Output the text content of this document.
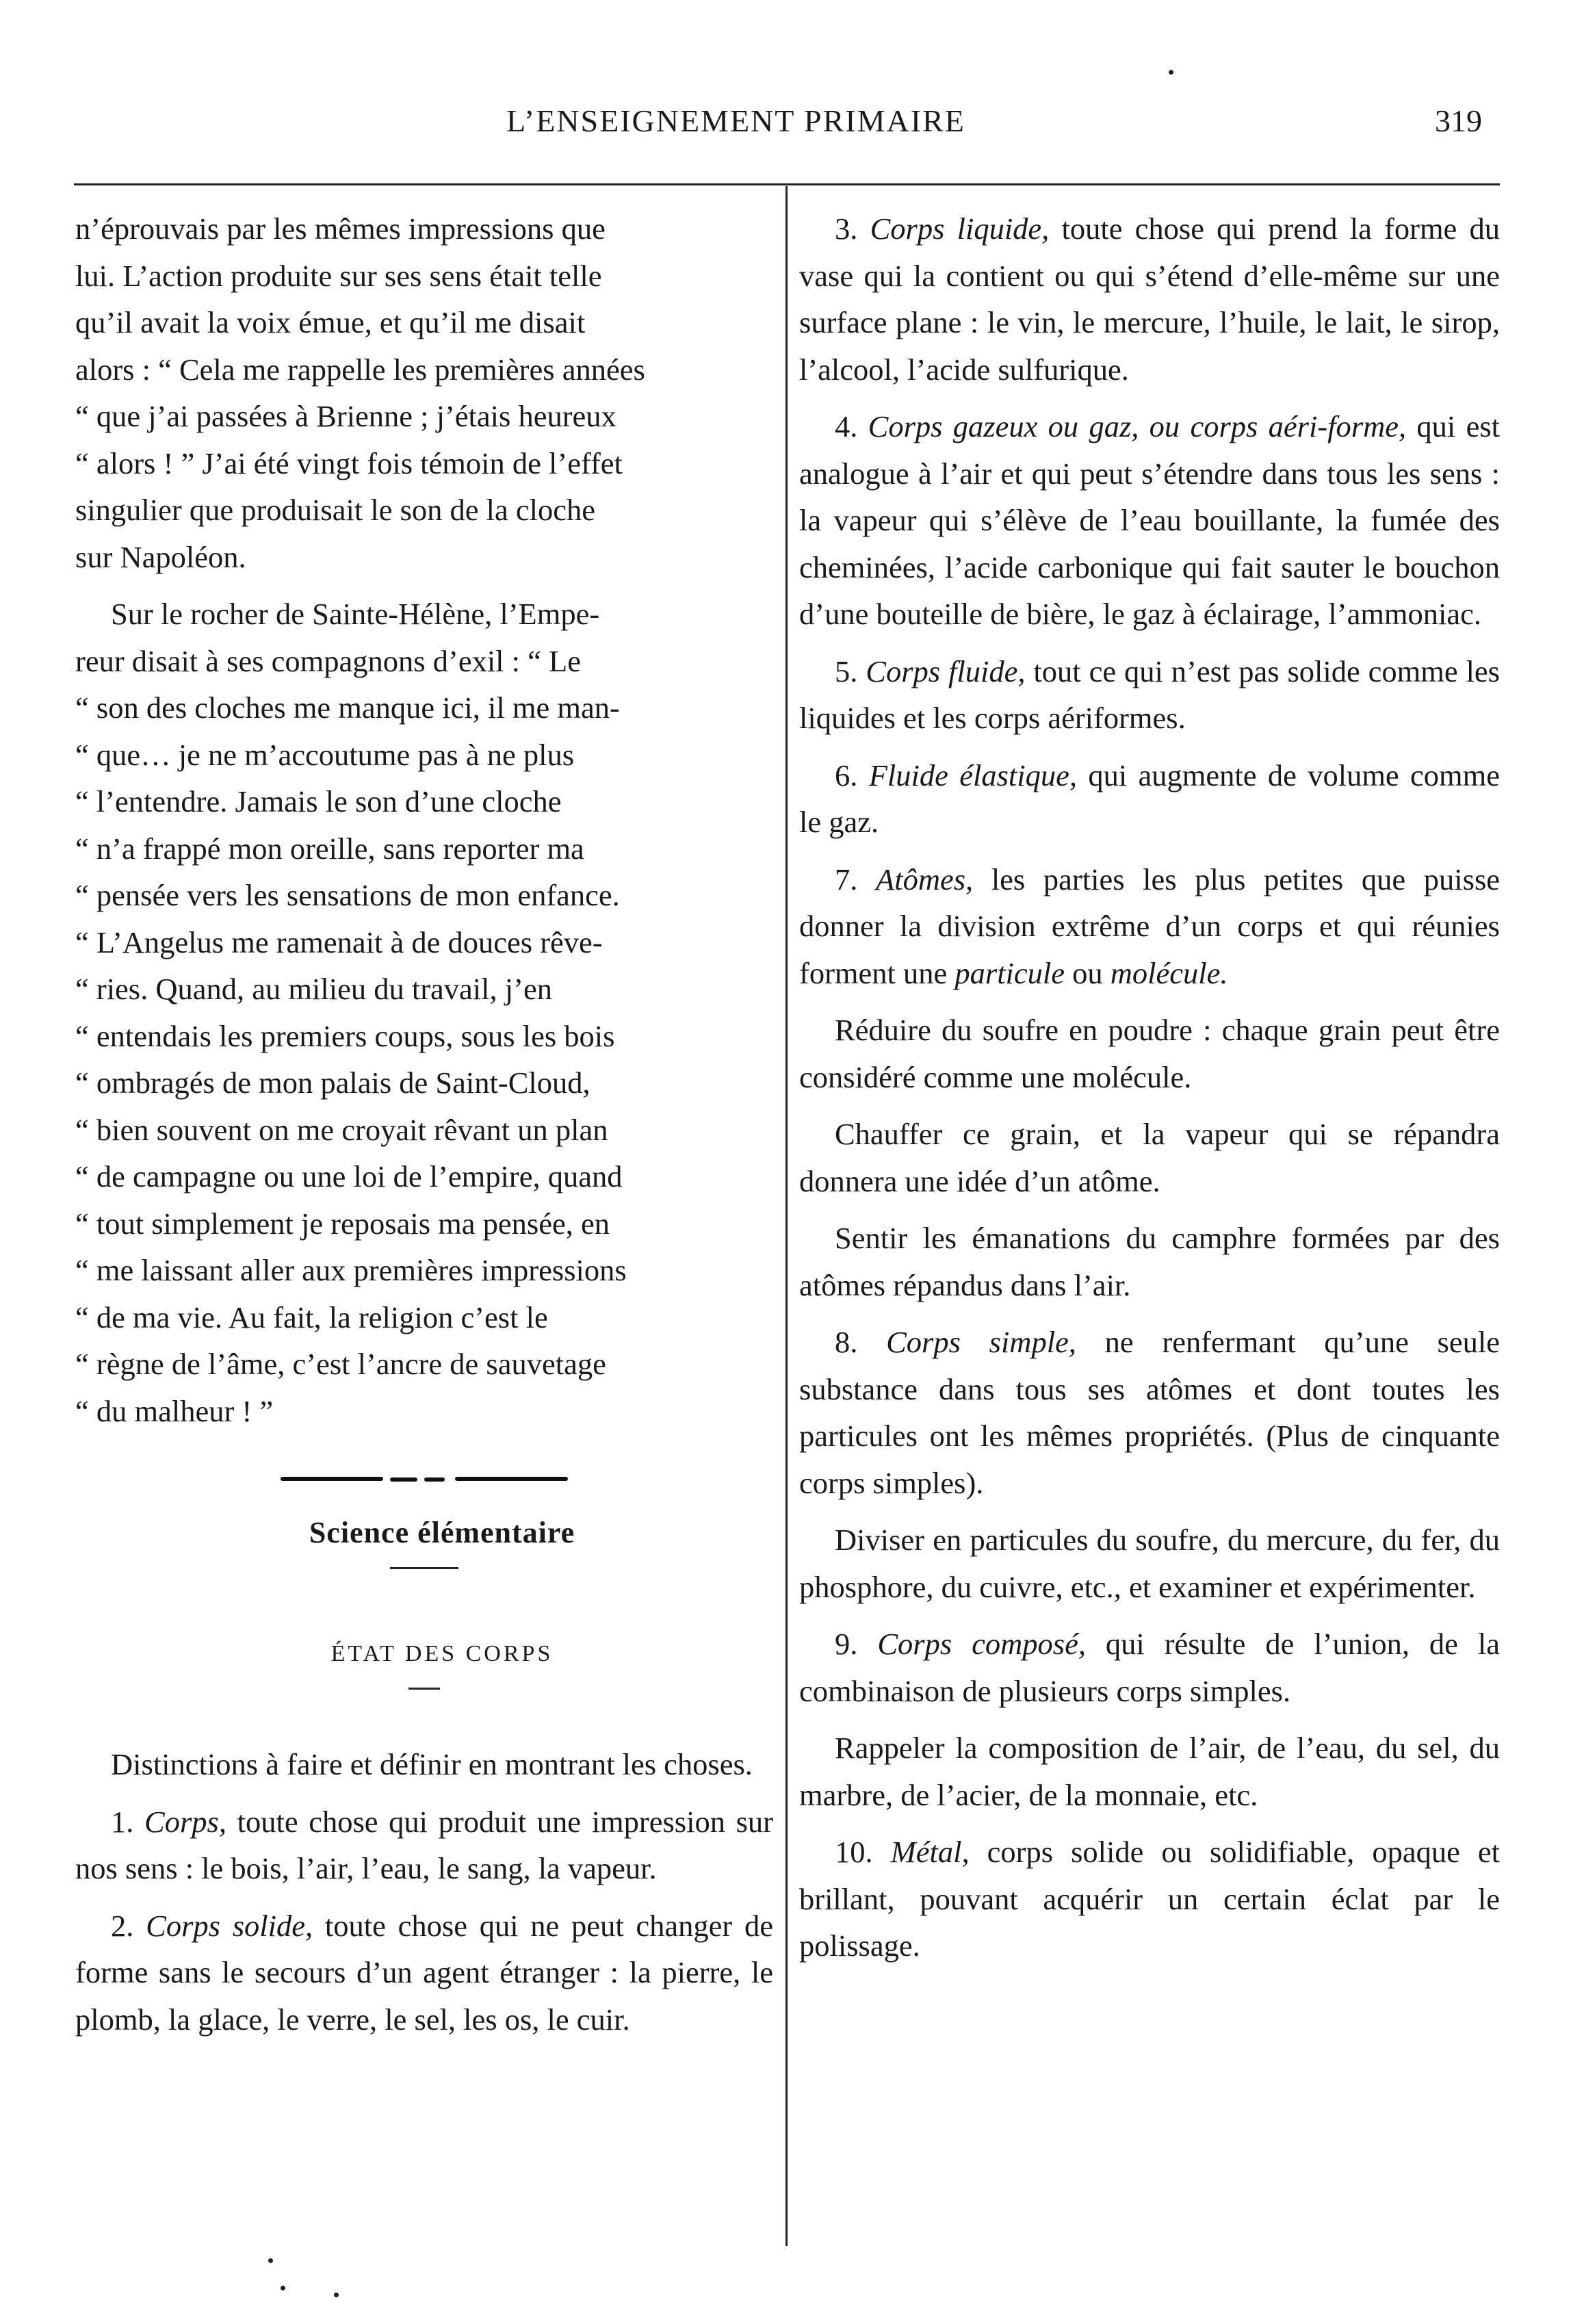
L’ENSEIGNEMENT PRIMAIRE	319

n’éprouvais par les mêmes impressions que
lui. L’action produite sur ses sens était telle
qu’il avait la voix émue, et qu’il me disait
alors : “ Cela me rappelle les premières années
“ que j’ai passées à Brienne ; j’étais heureux
“ alors ! ” J’ai été vingt fois témoin de l’effet
singulier que produisait le son de la cloche
sur Napoléon.

Sur le rocher de Sainte-Hélène, l’Empe-
reur disait à ses compagnons d’exil : “ Le
“ son des cloches me manque ici, il me man-
“ que… je ne m’accoutume pas à ne plus
“ l’entendre. Jamais le son d’une cloche
“ n’a frappé mon oreille, sans reporter ma
“ pensée vers les sensations de mon enfance.
“ L’Angelus me ramenait à de douces rêve-
“ ries. Quand, au milieu du travail, j’en
“ entendais les premiers coups, sous les bois
“ ombragés de mon palais de Saint-Cloud,
“ bien souvent on me croyait rêvant un plan
“ de campagne ou une loi de l’empire, quand
“ tout simplement je reposais ma pensée, en
“ me laissant aller aux premières impressions
“ de ma vie. Au fait, la religion c’est le
“ règne de l’âme, c’est l’ancre de sauvetage
“ du malheur ! ”

Science élémentaire

ÉTAT DES CORPS

Distinctions à faire et définir en montrant les choses.

1. Corps, toute chose qui produit une impression sur nos sens : le bois, l’air, l’eau, le sang, la vapeur.

2. Corps solide, toute chose qui ne peut changer de forme sans le secours d’un agent étranger : la pierre, le plomb, la glace, le verre, le sel, les os, le cuir.

3. Corps liquide, toute chose qui prend la forme du vase qui la contient ou qui s’étend d’elle-même sur une surface plane : le vin, le mercure, l’huile, le lait, le sirop, l’alcool, l’acide sulfurique.

4. Corps gazeux ou gaz, ou corps aéri-forme, qui est analogue à l’air et qui peut s’étendre dans tous les sens : la vapeur qui s’élève de l’eau bouillante, la fumée des cheminées, l’acide carbonique qui fait sauter le bouchon d’une bouteille de bière, le gaz à éclairage, l’ammoniac.

5. Corps fluide, tout ce qui n’est pas solide comme les liquides et les corps aériformes.

6. Fluide élastique, qui augmente de volume comme le gaz.

7. Atômes, les parties les plus petites que puisse donner la division extrême d’un corps et qui réunies forment une particule ou molécule.

Réduire du soufre en poudre : chaque grain peut être considéré comme une molécule.

Chauffer ce grain, et la vapeur qui se répandra donnera une idée d’un atôme.

Sentir les émanations du camphre formées par des atômes répandus dans l’air.

8. Corps simple, ne renfermant qu’une seule substance dans tous ses atômes et dont toutes les particules ont les mêmes propriétés. (Plus de cinquante corps simples).

Diviser en particules du soufre, du mercure, du fer, du phosphore, du cuivre, etc., et examiner et expérimenter.

9. Corps composé, qui résulte de l’union, de la combinaison de plusieurs corps simples.

Rappeler la composition de l’air, de l’eau, du sel, du marbre, de l’acier, de la monnaie, etc.

10. Métal, corps solide ou solidifiable, opaque et brillant, pouvant acquérir un certain éclat par le polissage.
